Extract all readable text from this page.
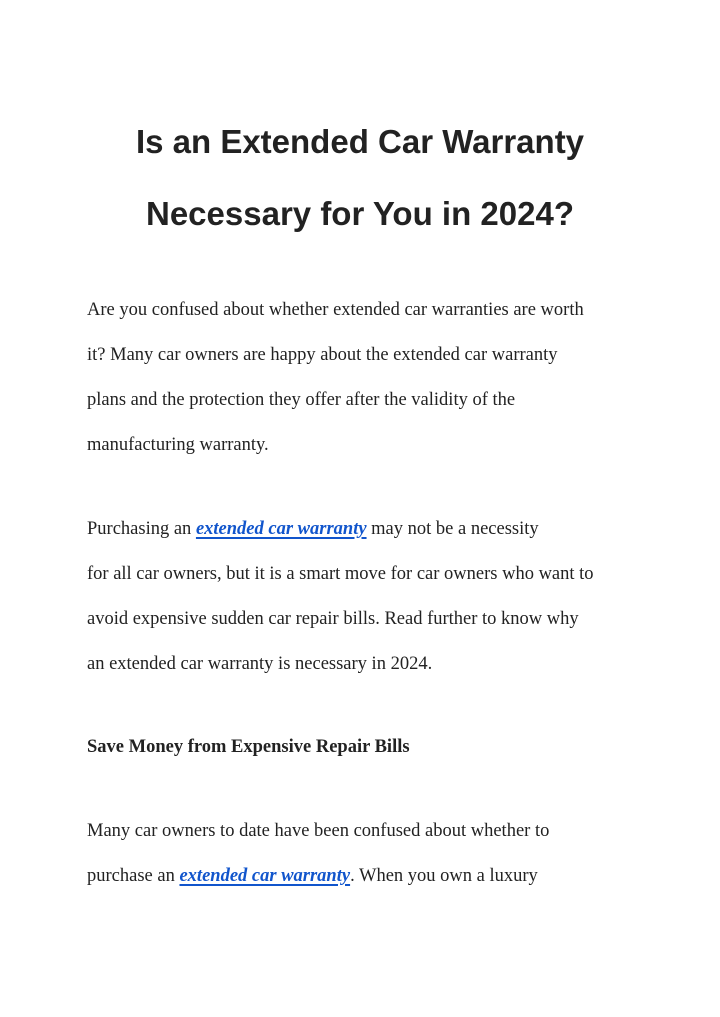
Is an Extended Car Warranty
Necessary for You in 2024?

Are you confused about whether extended car warranties are worth

it? Many car owners are happy about the extended car warranty

plans and the protection they offer after the validity of the

manufacturing warranty.

Purchasing an extended car warranty may not be a necessity

for all car owners, but it is a smart move for car owners who want to

avoid expensive sudden car repair bills. Read further to know why

an extended car warranty is necessary in 2024.

Save Money from Expensive Repair Bills

Many car owners to date have been confused about whether to

purchase an extended car warranty. When you own a luxury
